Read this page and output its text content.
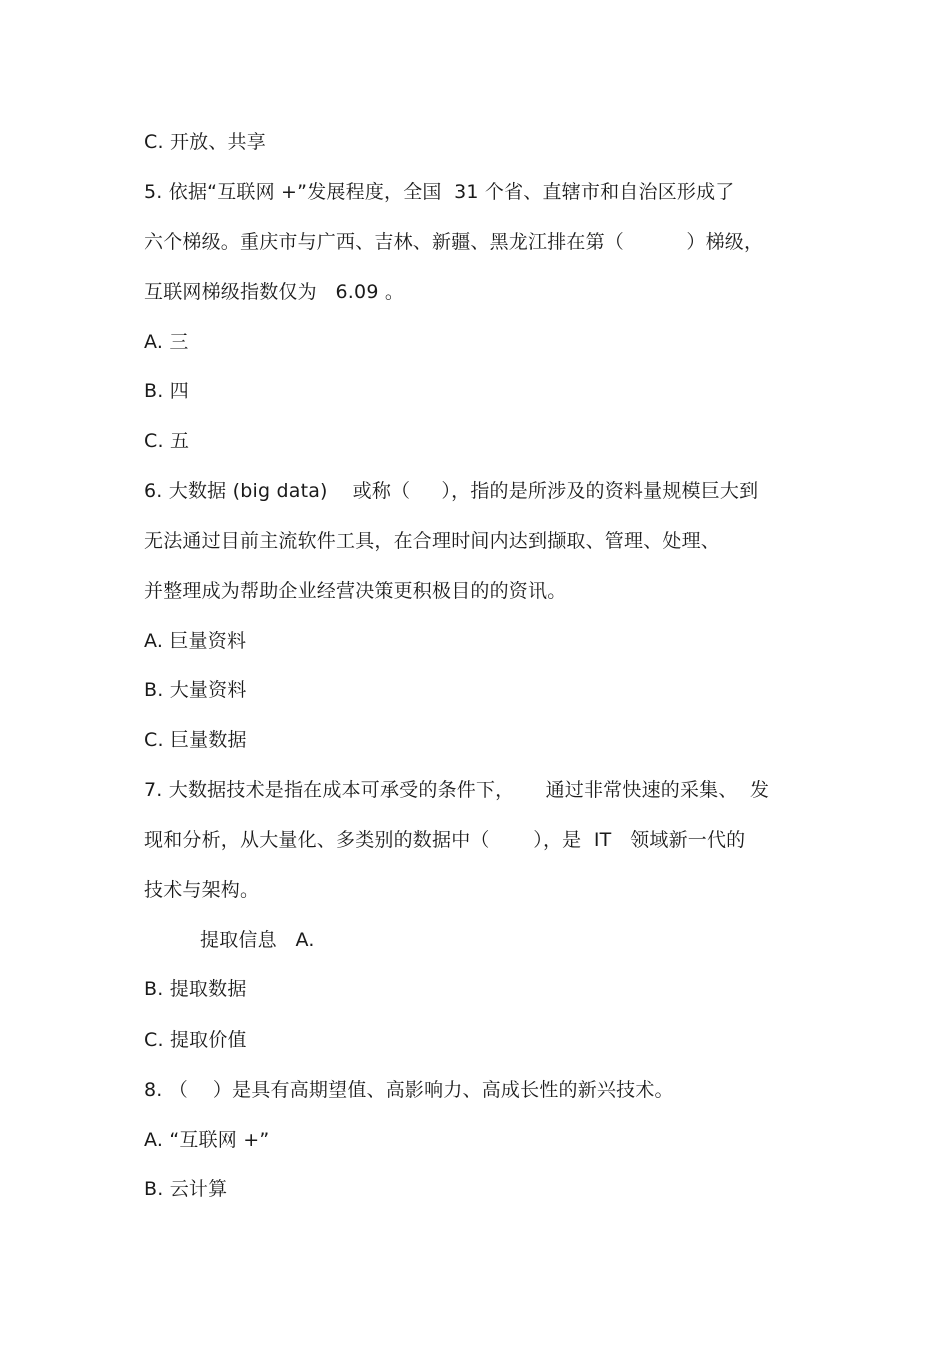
C. 开放、共享
5. 依据“互联网 +”发展程度，全国  31 个省、直辖市和自治区形成了
六个梯级。重庆市与广西、吉林、新疆、黑龙江排在第（          ）梯级，
互联网梯级指数仅为   6.09 。
A. 三
B. 四
C. 五
6. 大数据 (big data)    或称（     ），指的是所涉及的资料量规模巨大到
无法通过目前主流软件工具，在合理时间内达到撷取、管理、处理、
并整理成为帮助企业经营决策更积极目的的资讯。
A. 巨量资料
B. 大量资料
C. 巨量数据
7. 大数据技术是指在成本可承受的条件下，     通过非常快速的采集、  发
现和分析，从大量化、多类别的数据中（       ），是  IT   领域新一代的
技术与架构。
提取信息   A.
B. 提取数据
C. 提取价值
8. （    ）是具有高期望值、高影响力、高成长性的新兴技术。
A. “互联网 +”
B. 云计算
